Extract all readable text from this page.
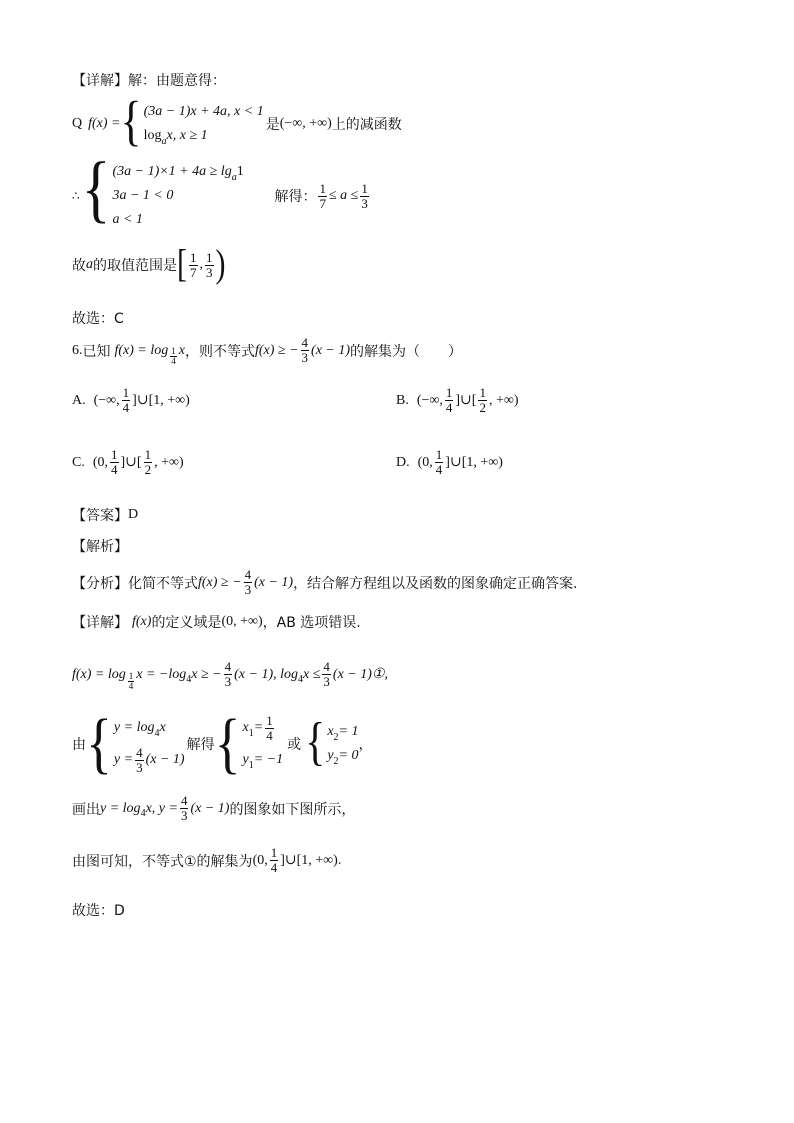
【详解】 解：由题意得：
Q f(x) = { (3a − 1)x + 4a, x < 1
log a x, x ≥ 1
是 (−∞, +∞) 上的减函数
∴ { (3a − 1)×1 + 4a ≥ lg a 1
3a − 1 < 0
a < 1
解得： $\frac{1}{7} \le a \le \frac{1}{3}$
故 a 的取值范围是 [ $\frac{1}{7}$ , $\frac{1}{3}$ )
故选：C
6. 已知 $f(x) = \log \frac{1}{4}$ x ，则不等式 f(x) ≥ − $\frac{4}{3} (x - 1)$ 的解集为（　　）
A. (−∞, $\frac{1}{4}$ ]∪[1, +∞)	B. (−∞, $\frac{1}{4}$ ]∪[ $\frac{1}{2}$ , +∞)
C. (0, $\frac{1}{4}$ ]∪[ $\frac{1}{2}$ , +∞)	D. (0, $\frac{1}{4}$ ]∪[1, +∞)
【答案】 D
【解析】
【分析】 化简不等式 f(x) ≥ − $\frac{4}{3} (x - 1)$ ，结合解方程组以及函数的图象确定正确答案.
【详解】 f(x) 的定义域是 (0, +∞) ，AB 选项错误.
$f(x) = \log \frac{1}{4}$ x = −log 4 x ≥ − $\frac{4}{3} (x - 1)$, log 4 $x \le \frac{4}{3} (x$ − 1)①,
由 { y = log 4 x
$y = \frac{4}{3} (x - 1)$
解得 { x $1 = \frac{1}{4}$
y 1 = −1
或 { x 2 = 1
y 2 = 0
，
画出 y = log 4 x, $y = \frac{4}{3} (x - 1)$ 的图象如下图所示，
由图可知，不等式①的解集为 (0, $\frac{1}{4}$ ]∪[1, +∞) .
故选：D
